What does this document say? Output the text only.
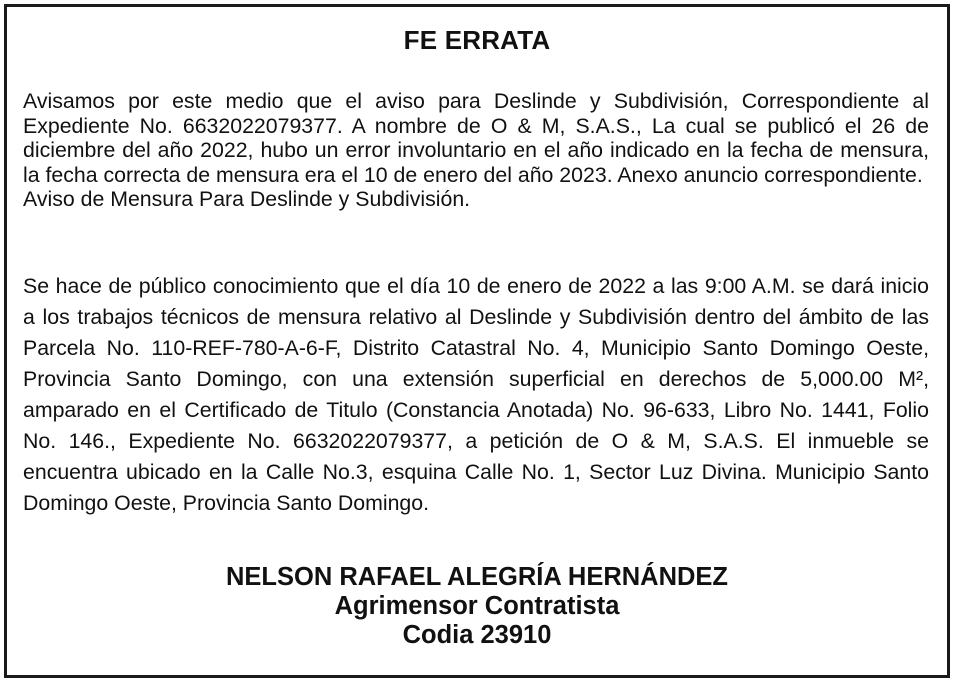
FE ERRATA

Avisamos por este medio que el aviso para Deslinde y Subdivisión, Correspondiente al Expediente No. 6632022079377. A nombre de O & M, S.A.S., La cual se publicó el 26 de diciembre del año 2022, hubo un error involuntario en el año indicado en la fecha de mensura, la fecha correcta de mensura era el 10 de enero del año 2023. Anexo anuncio correspondiente.
Aviso de Mensura Para Deslinde y Subdivisión.

Se hace de público conocimiento que el día 10 de enero de 2022 a las 9:00 A.M. se dará inicio a los trabajos técnicos de mensura relativo al Deslinde y Subdivisión dentro del ámbito de las Parcela No. 110-REF-780-A-6-F, Distrito Catastral No. 4, Municipio Santo Domingo Oeste, Provincia Santo Domingo, con una extensión superficial en derechos de 5,000.00 M², amparado en el Certificado de Titulo (Constancia Anotada) No. 96-633, Libro No. 1441, Folio No. 146., Expediente No. 6632022079377, a petición de O & M, S.A.S. El inmueble se encuentra ubicado en la Calle No.3, esquina Calle No. 1, Sector Luz Divina. Municipio Santo Domingo Oeste, Provincia Santo Domingo.

NELSON RAFAEL ALEGRÍA HERNÁNDEZ
Agrimensor Contratista
Codia 23910
